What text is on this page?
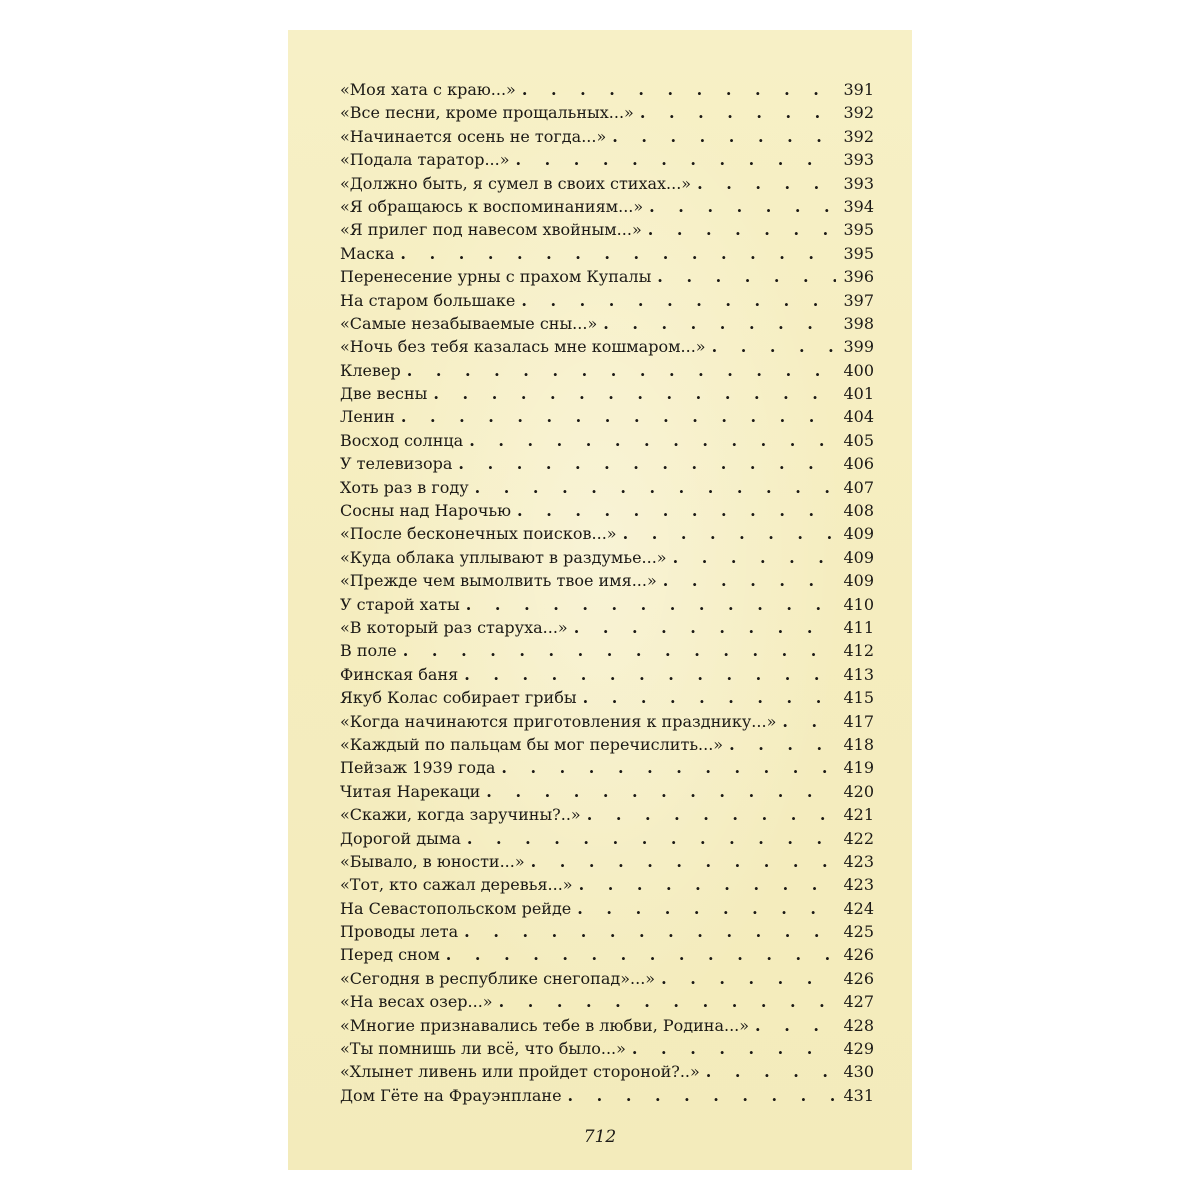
«Моя хата с краю...» . . .	391
«Все песни, кроме прощальных...» . . .	392
«Начинается осень не тогда...» . . .	392
«Подала таратор...» . . .	393
«Должно быть, я сумел в своих стихах...» . . .	393
«Я обращаюсь к воспоминаниям...» . . .	394
«Я прилег под навесом хвойным...» . . .	395
Маска . . .	395
Перенесение урны с прахом Купалы . . .	396
На старом большаке . . .	397
«Самые незабываемые сны...» . . .	398
«Ночь без тебя казалась мне кошмаром...» . . .	399
Клевер . . .	400
Две весны . . .	401
Ленин . . .	404
Восход солнца . . .	405
У телевизора . . .	406
Хоть раз в году . . .	407
Сосны над Нарочью . . .	408
«После бесконечных поисков...» . . .	409
«Куда облака уплывают в раздумье...» . . .	409
«Прежде чем вымолвить твое имя...» . . .	409
У старой хаты . . .	410
«В который раз старуха...» . . .	411
В поле . . .	412
Финская баня . . .	413
Якуб Колас собирает грибы . . .	415
«Когда начинаются приготовления к празднику...» . . .	417
«Каждый по пальцам бы мог перечислить...» . . .	418
Пейзаж 1939 года . . .	419
Читая Нарекаци . . .	420
«Скажи, когда заручины?..» . . .	421
Дорогой дыма . . .	422
«Бывало, в юности...» . . .	423
«Тот, кто сажал деревья...» . . .	423
На Севастопольском рейде . . .	424
Проводы лета . . .	425
Перед сном . . .	426
«Сегодня в республике снегопад»...» . . .	426
«На весах озер...» . . .	427
«Многие признавались тебе в любви, Родина...» . . .	428
«Ты помнишь ли всё, что было...» . . .	429
«Хлынет ливень или пройдет стороной?..» . . .	430
Дом Гёте на Фрауэнплане . . .	431
712
